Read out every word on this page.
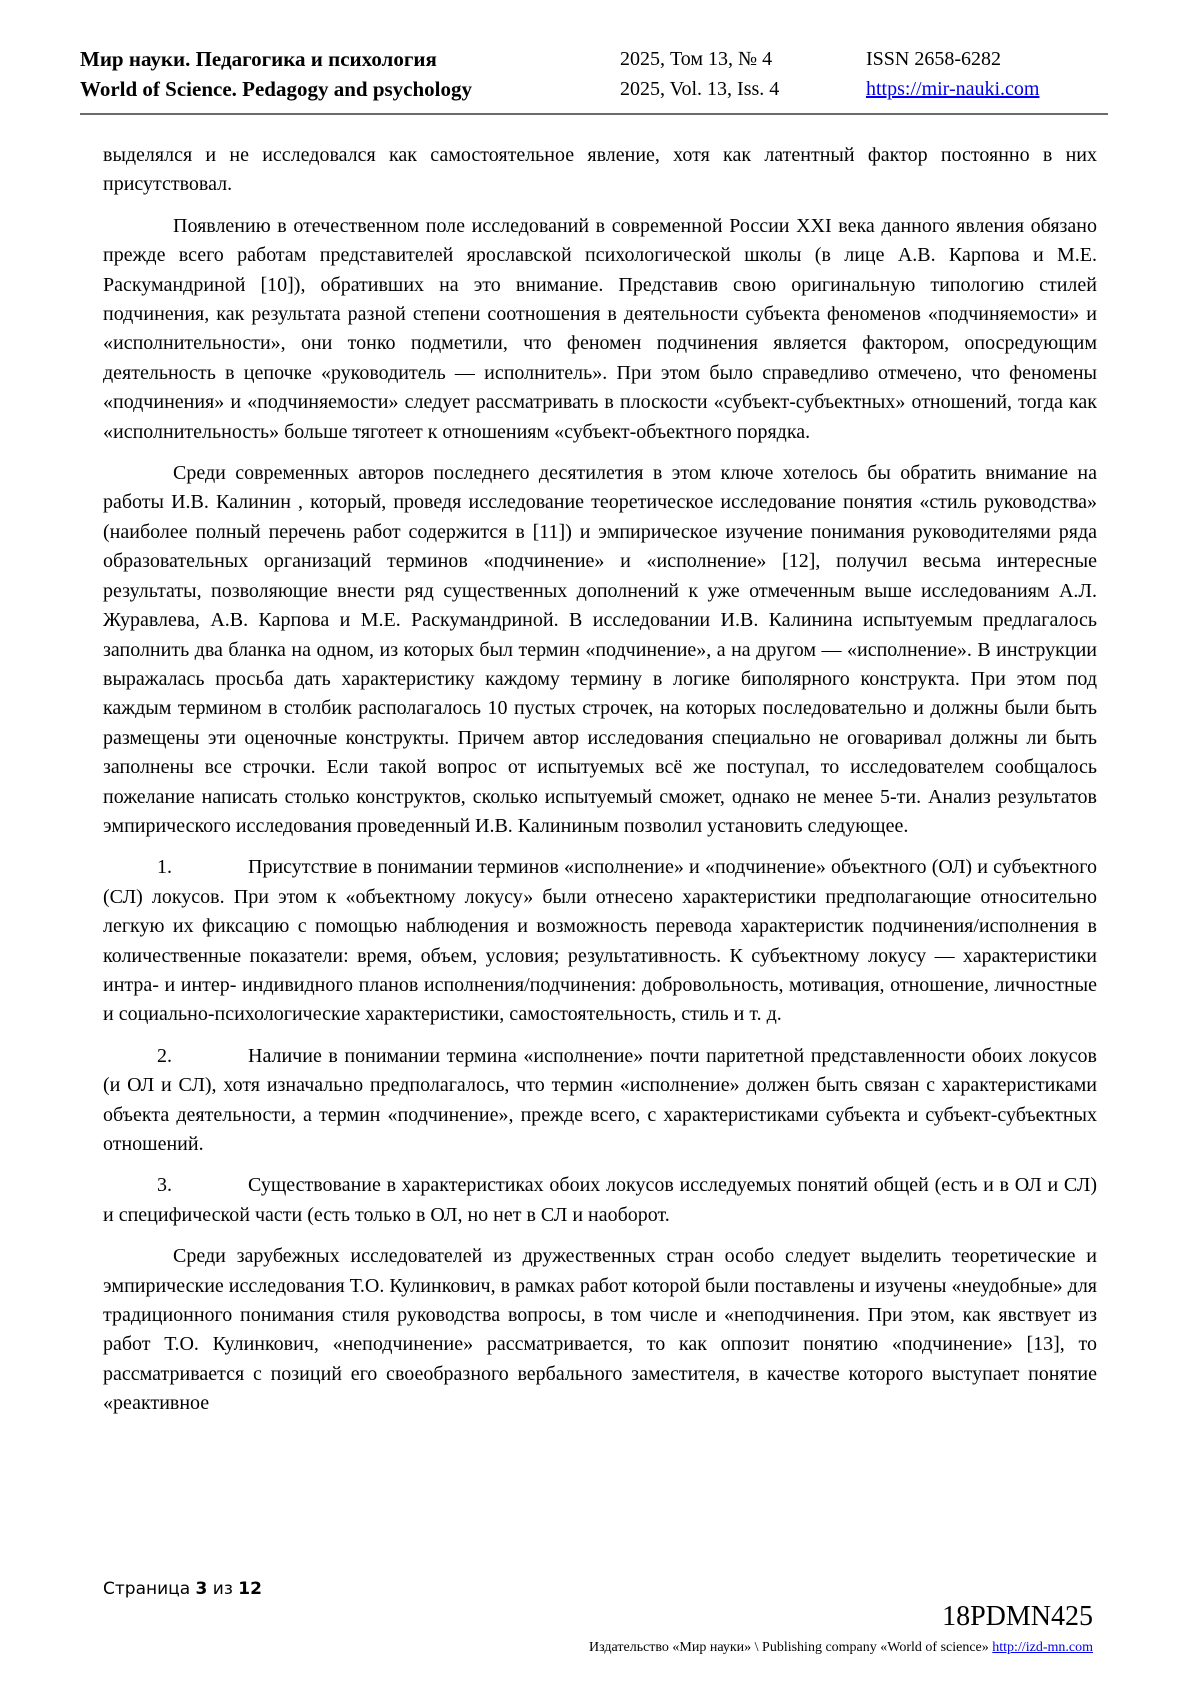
Мир науки. Педагогика и психология
World of Science. Pedagogy and psychology
2025, Том 13, № 4
2025, Vol. 13, Iss. 4
ISSN 2658-6282
https://mir-nauki.com

выделялся и не исследовался как самостоятельное явление, хотя как латентный фактор постоянно в них присутствовал.

Появлению в отечественном поле исследований в современной России XXI века данного явления обязано прежде всего работам представителей ярославской психологической школы (в лице А.В. Карпова и М.Е. Раскумандриной [10]), обративших на это внимание. Представив свою оригинальную типологию стилей подчинения, как результата разной степени соотношения в деятельности субъекта феноменов «подчиняемости» и «исполнительности», они тонко подметили, что феномен подчинения является фактором, опосредующим деятельность в цепочке «руководитель — исполнитель». При этом было справедливо отмечено, что феномены «подчинения» и «подчиняемости» следует рассматривать в плоскости «субъект-субъектных» отношений, тогда как «исполнительность» больше тяготеет к отношениям «субъект-объектного порядка.

Среди современных авторов последнего десятилетия в этом ключе хотелось бы обратить внимание на работы И.В. Калинин , который, проведя исследование теоретическое исследование понятия «стиль руководства» (наиболее полный перечень работ содержится в [11]) и эмпирическое изучение понимания руководителями ряда образовательных организаций терминов «подчинение» и «исполнение» [12], получил весьма интересные результаты, позволяющие внести ряд существенных дополнений к уже отмеченным выше исследованиям А.Л. Журавлева, А.В. Карпова и М.Е. Раскумандриной. В исследовании И.В. Калинина испытуемым предлагалось заполнить два бланка на одном, из которых был термин «подчинение», а на другом — «исполнение». В инструкции выражалась просьба дать характеристику каждому термину в логике биполярного конструкта. При этом под каждым термином в столбик располагалось 10 пустых строчек, на которых последовательно и должны были быть размещены эти оценочные конструкты. Причем автор исследования специально не оговаривал должны ли быть заполнены все строчки. Если такой вопрос от испытуемых всё же поступал, то исследователем сообщалось пожелание написать столько конструктов, сколько испытуемый сможет, однако не менее 5-ти. Анализ результатов эмпирического исследования проведенный И.В. Калининым позволил установить следующее.

1.	Присутствие в понимании терминов «исполнение» и «подчинение» объектного (ОЛ) и субъектного (СЛ) локусов. При этом к «объектному локусу» были отнесено характеристики предполагающие относительно легкую их фиксацию с помощью наблюдения и возможность перевода характеристик подчинения/исполнения в количественные показатели: время, объем, условия; результативность. К субъектному локусу — характеристики интра- и интер- индивидного планов исполнения/подчинения: добровольность, мотивация, отношение, личностные и социально-психологические характеристики, самостоятельность, стиль и т. д.

2.	Наличие в понимании термина «исполнение» почти паритетной представленности обоих локусов (и ОЛ и СЛ), хотя изначально предполагалось, что термин «исполнение» должен быть связан с характеристиками объекта деятельности, а термин «подчинение», прежде всего, с характеристиками субъекта и субъект-субъектных отношений.

3.	Существование в характеристиках обоих локусов исследуемых понятий общей (есть и в ОЛ и СЛ) и специфической части (есть только в ОЛ, но нет в СЛ и наоборот.

Среди зарубежных исследователей из дружественных стран особо следует выделить теоретические и эмпирические исследования Т.О. Кулинкович, в рамках работ которой были поставлены и изучены «неудобные» для традиционного понимания стиля руководства вопросы, в том числе и «неподчинения. При этом, как явствует из работ Т.О. Кулинкович, «неподчинение» рассматривается, то как оппозит понятию «подчинение» [13], то рассматривается с позиций его своеобразного вербального заместителя, в качестве которого выступает понятие «реактивное

Страница 3 из 12
18PDMN425
Издательство «Мир науки» \ Publishing company «World of science» http://izd-mn.com
